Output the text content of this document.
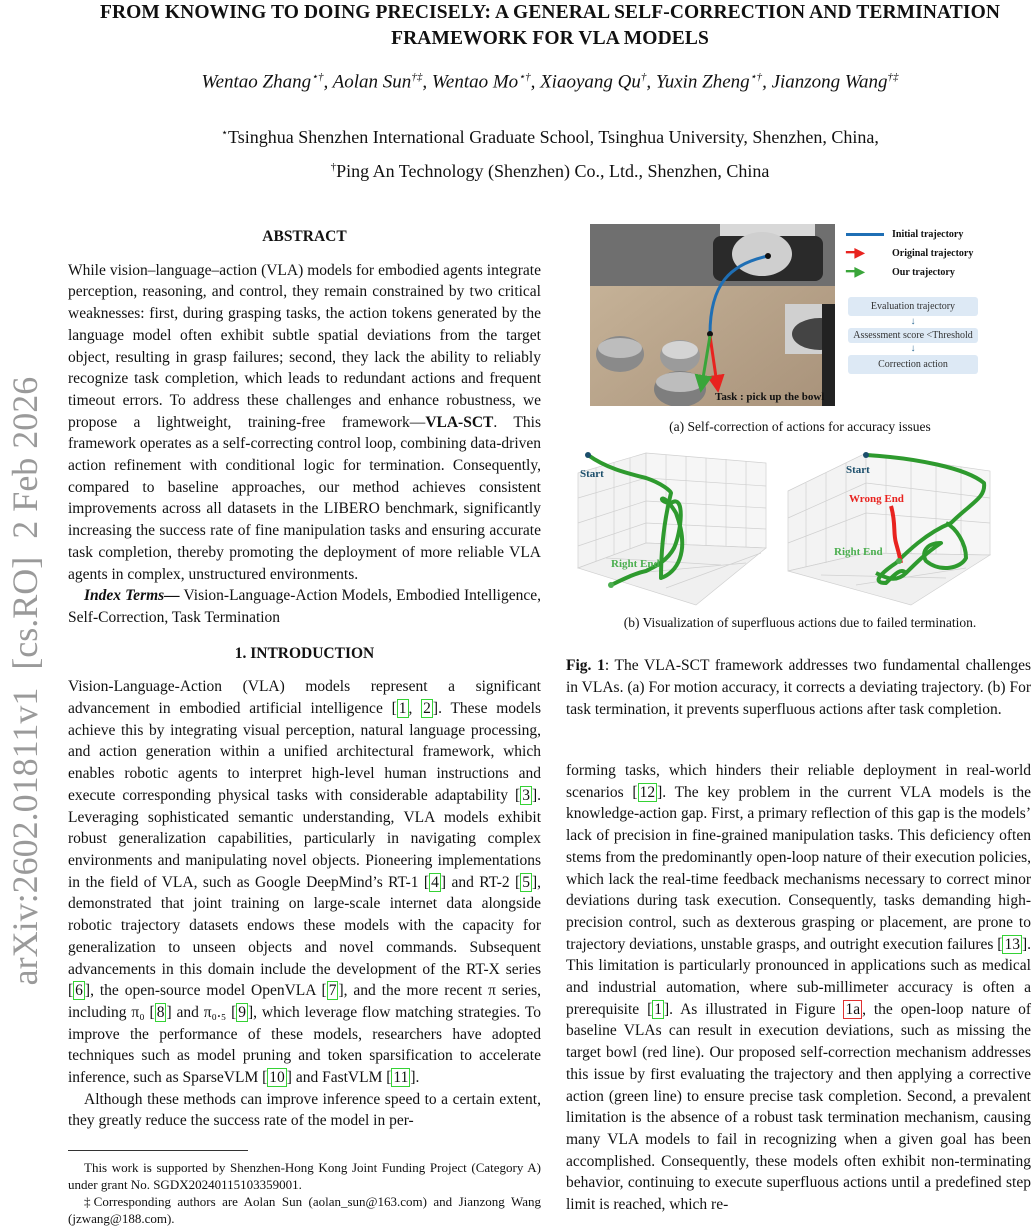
FROM KNOWING TO DOING PRECISELY: A GENERAL SELF-CORRECTION AND TERMINATION FRAMEWORK FOR VLA MODELS
Wentao Zhang⋆†, Aolan Sun†‡, Wentao Mo⋆†, Xiaoyang Qu†, Yuxin Zheng⋆†, Jianzong Wang†‡
⋆Tsinghua Shenzhen International Graduate School, Tsinghua University, Shenzhen, China,
†Ping An Technology (Shenzhen) Co., Ltd., Shenzhen, China
arXiv:2602.01811v1  [cs.RO]  2 Feb 2026
ABSTRACT

While vision–language–action (VLA) models for embodied agents integrate perception, reasoning, and control, they remain constrained by two critical weaknesses: first, during grasping tasks, the action tokens generated by the language model often exhibit subtle spatial deviations from the target object, resulting in grasp failures; second, they lack the ability to reliably recognize task completion, which leads to redundant actions and frequent timeout errors. To address these challenges and enhance robustness, we propose a lightweight, training-free framework—VLA-SCT. This framework operates as a self-correcting control loop, combining data-driven action refinement with conditional logic for termination. Consequently, compared to baseline approaches, our method achieves consistent improvements across all datasets in the LIBERO benchmark, significantly increasing the success rate of fine manipulation tasks and ensuring accurate task completion, thereby promoting the deployment of more reliable VLA agents in complex, unstructured environments.

Index Terms— Vision-Language-Action Models, Embodied Intelligence, Self-Correction, Task Termination

1. INTRODUCTION

Vision-Language-Action (VLA) models represent a significant advancement in embodied artificial intelligence [ 1 , 2 ]. These models achieve this by integrating visual perception, natural language processing, and action generation within a unified architectural framework, which enables robotic agents to interpret high-level human instructions and execute corresponding physical tasks with considerable adaptability [ 3 ]. Leveraging sophisticated semantic understanding, VLA models exhibit robust generalization capabilities, particularly in navigating complex environments and manipulating novel objects. Pioneering implementations in the field of VLA, such as Google DeepMind’s RT-1 [ 4 ] and RT-2 [ 5 ], demonstrated that joint training on large-scale internet data alongside robotic trajectory datasets endows these models with the capacity for generalization to unseen objects and novel commands. Subsequent advancements in this domain include the development of the RT-X series [ 6 ], the open-source model OpenVLA [ 7 ], and the more recent π series, including π₀ [ 8 ] and π₀.₅ [ 9 ], which leverage flow matching strategies. To improve the performance of these models, researchers have adopted techniques such as model pruning and token sparsification to accelerate inference, such as SparseVLM [ 10 ] and FastVLM [ 11 ].

Although these methods can improve inference speed to a certain extent, they greatly reduce the success rate of the model in per-

This work is supported by Shenzhen-Hong Kong Joint Funding Project (Category A) under grant No. SGDX20240115103359001.

‡Corresponding authors are Aolan Sun (aolan_sun@163.com) and Jianzong Wang (jzwang@188.com).

Task : pick up the bowl
Initial trajectory
━▶	Original trajectory
━▶	Our trajectory
Evaluation trajectory
↓
Assessment score <Threshold
↓
Correction action
(a) Self-correction of actions for accuracy issues
Start
Right End
Start
Wrong End
Right End
(b) Visualization of superfluous actions due to failed termination.
Fig. 1: The VLA-SCT framework addresses two fundamental challenges in VLAs. (a) For motion accuracy, it corrects a deviating trajectory. (b) For task termination, it prevents superfluous actions after task completion.

forming tasks, which hinders their reliable deployment in real-world scenarios [ 12 ]. The key problem in the current VLA models is the knowledge-action gap. First, a primary reflection of this gap is the models’ lack of precision in fine-grained manipulation tasks. This deficiency often stems from the predominantly open-loop nature of their execution policies, which lack the real-time feedback mechanisms necessary to correct minor deviations during task execution. Consequently, tasks demanding high-precision control, such as dexterous grasping or placement, are prone to trajectory deviations, unstable grasps, and outright execution failures [ 13 ]. This limitation is particularly pronounced in applications such as medical and industrial automation, where sub-millimeter accuracy is often a prerequisite [ 1 ]. As illustrated in Figure 1a , the open-loop nature of baseline VLAs can result in execution deviations, such as missing the target bowl (red line). Our proposed self-correction mechanism addresses this issue by first evaluating the trajectory and then applying a corrective action (green line) to ensure precise task completion. Second, a prevalent limitation is the absence of a robust task termination mechanism, causing many VLA models to fail in recognizing when a given goal has been accomplished. Consequently, these models often exhibit non-terminating behavior, continuing to execute superfluous actions until a predefined step limit is reached, which re-
